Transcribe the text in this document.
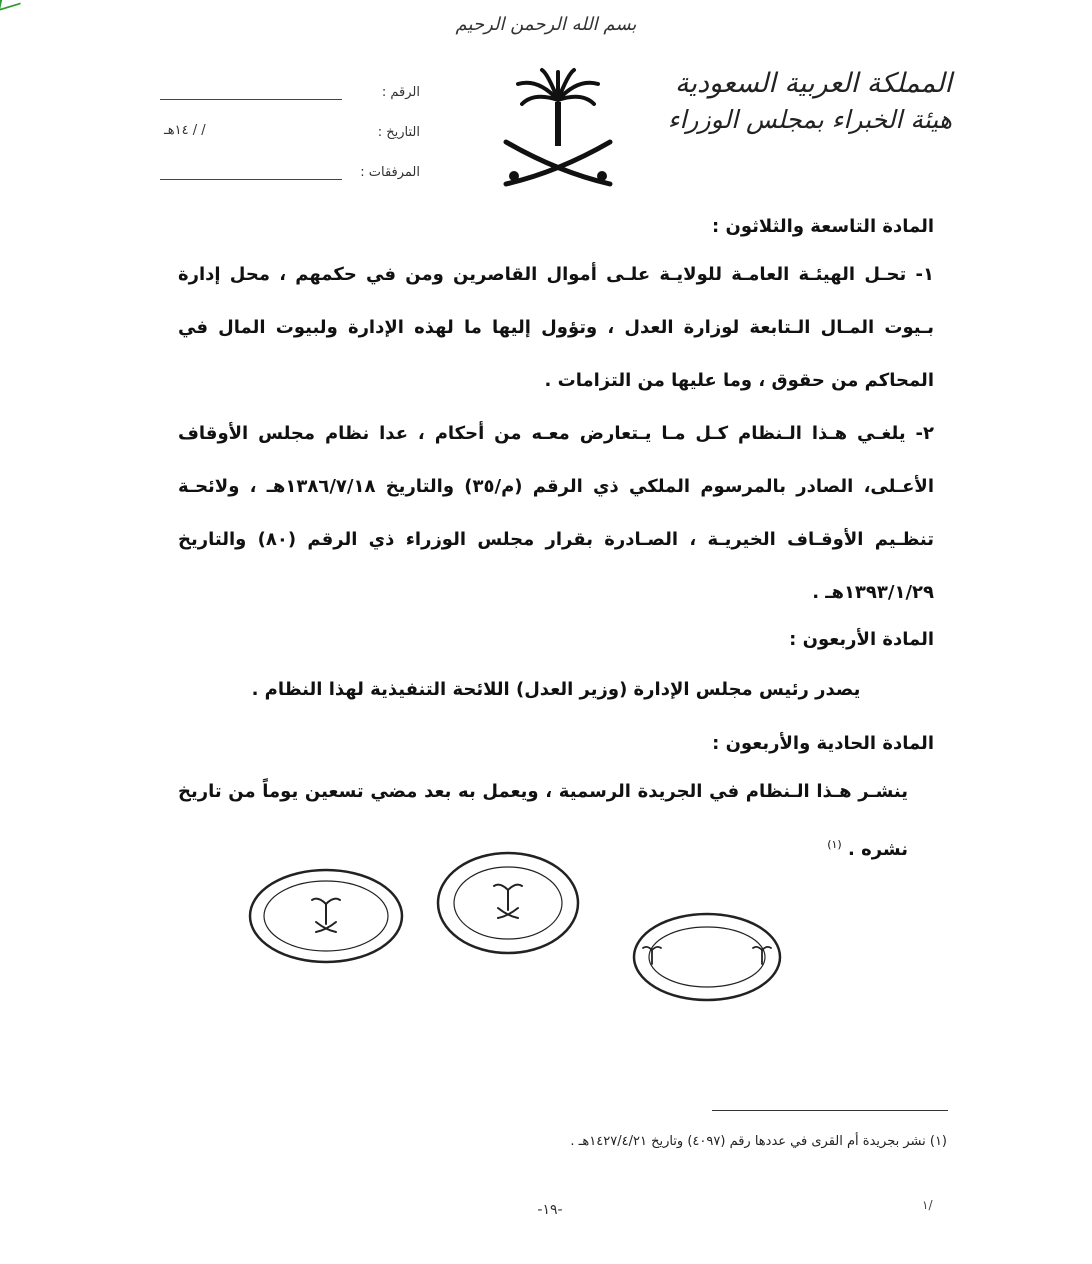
بسم الله الرحمن الرحيم
المملكة العربية السعودية
هيئة الخبراء بمجلس الوزراء
الرقم :
التاريخ :
/ / ١٤هـ
المرفقات :

المادة التاسعة والثلاثون :

١- تحـل الهيئـة العامـة للولايـة علـى أموال القاصرين ومن في حكمهم ، محل إدارة بـيوت المـال الـتابعة لوزارة العدل ، وتؤول إليها ما لهذه الإدارة ولبيوت المال في المحاكم من حقوق ، وما عليها من التزامات .

٢- يلغـي هـذا الـنظام كـل مـا يـتعارض معـه من أحكام ، عدا نظام مجلس الأوقاف الأعـلى، الصادر بالمرسوم الملكي ذي الرقم (م/٣٥) والتاريخ ١٣٨٦/٧/١٨هـ ، ولائحـة تنظـيم الأوقـاف الخيريـة ، الصـادرة بقرار مجلس الوزراء ذي الرقم (٨٠) والتاريخ ١٣٩٣/١/٢٩هـ .

المادة الأربعون :

يصدر رئيس مجلس الإدارة (وزير العدل) اللائحة التنفيذية لهذا النظام .

المادة الحادية والأربعون :

ينشـر هـذا الـنظام في الجريدة الرسمية ، ويعمل به بعد مضي تسعين يوماً من تاريخ نشره . $^{(١)}$

(١) نشر بجريدة أم القرى في عددها رقم (٤٠٩٧) وتاريخ ١٤٢٧/٤/٢١هـ .
-١٩-	١/
